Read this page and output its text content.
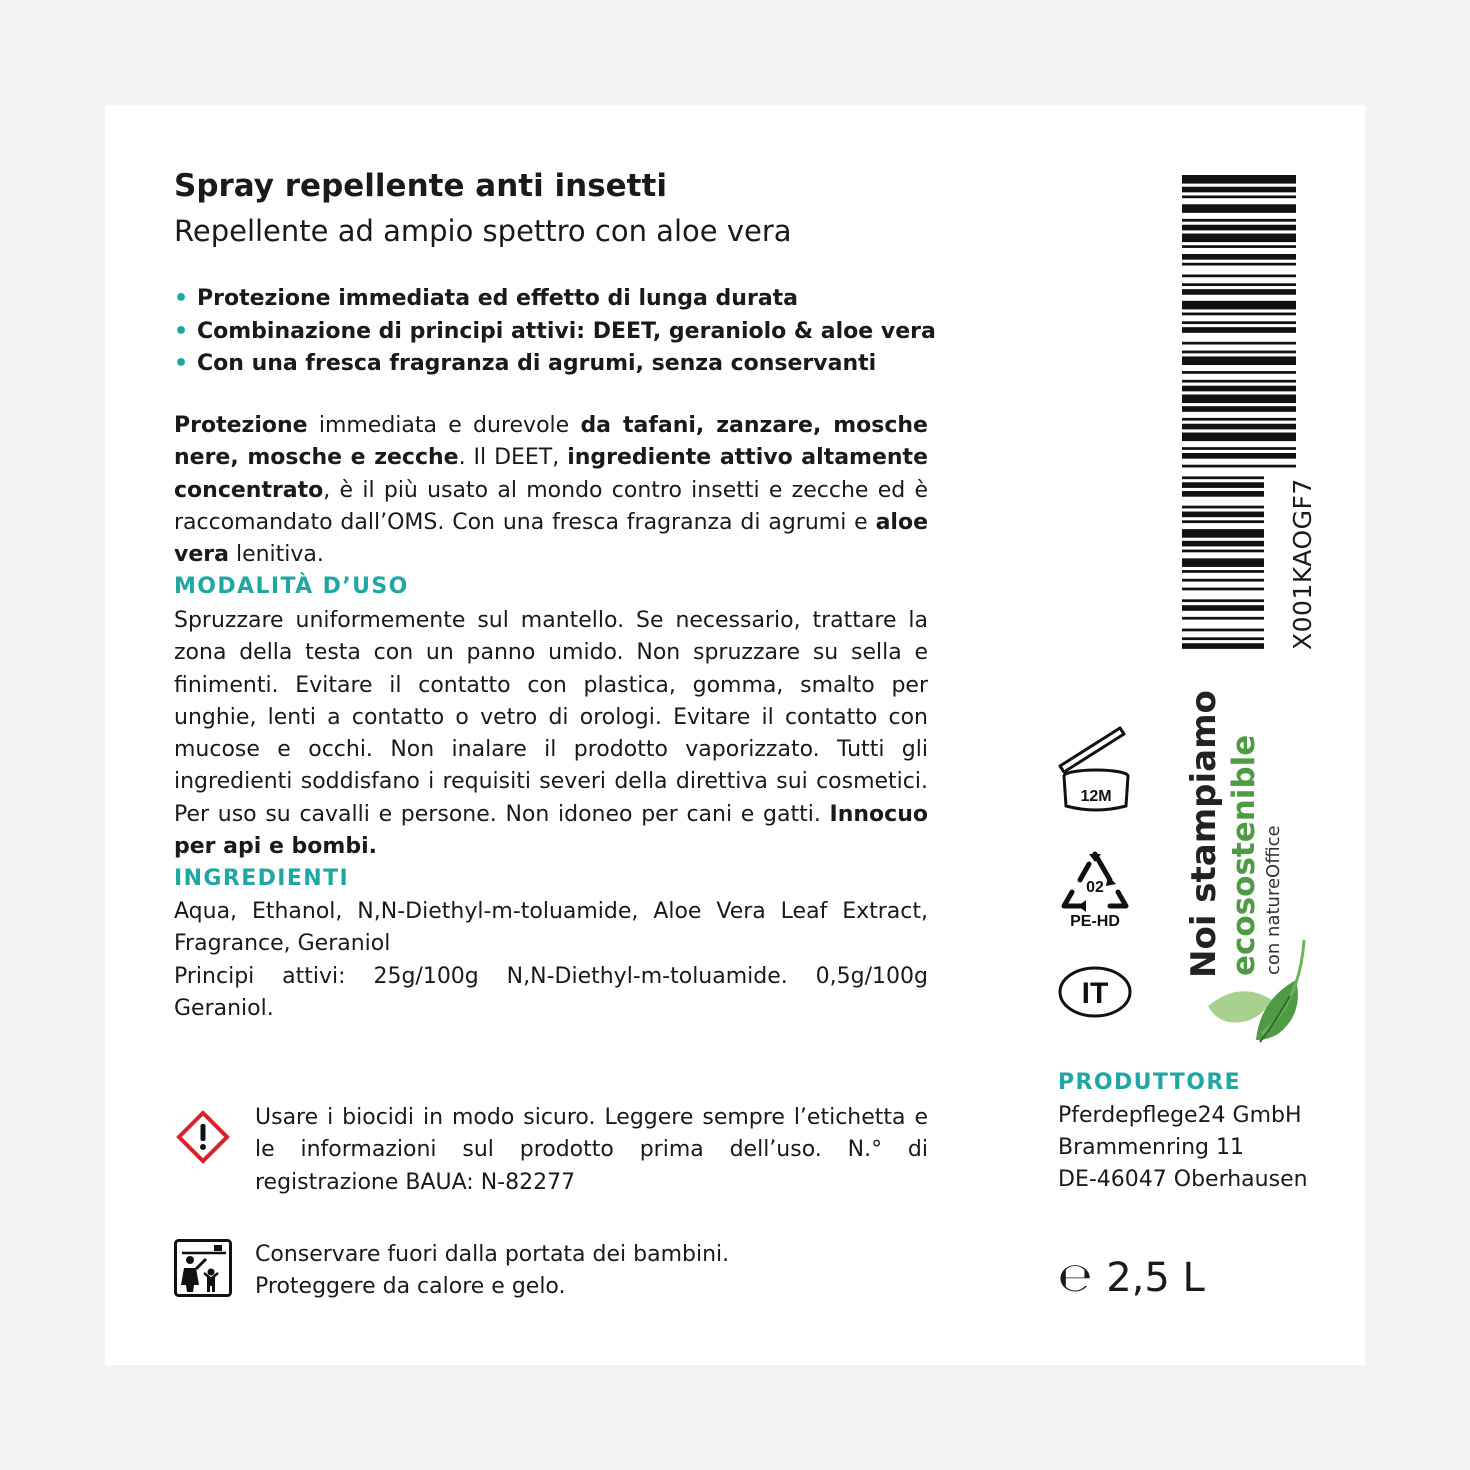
Spray repellente anti insetti

Repellente ad ampio spettro con aloe vera

• Protezione immediata ed effetto di lunga durata
• Combinazione di principi attivi: DEET, geraniolo & aloe vera
• Con una fresca fragranza di agrumi, senza conservanti

Protezione immediata e durevole da tafani, zanzare, mosche nere, mosche e zecche. Il DEET, ingrediente attivo altamente concentrato, è il più usato al mondo contro insetti e zecche ed è raccomandato dall’OMS. Con una fresca fragranza di agrumi e aloe vera lenitiva.

MODALITÀ D’USO

Spruzzare uniformemente sul mantello. Se necessario, trattare la zona della testa con un panno umido. Non spruzzare su sella e finimenti. Evitare il contatto con plastica, gomma, smalto per unghie, lenti a contatto o vetro di orologi. Evitare il contatto con mucose e occhi. Non inalare il prodotto vaporizzato. Tutti gli ingredienti soddisfano i requisiti severi della direttiva sui cosmetici. Per uso su cavalli e persone. Non idoneo per cani e gatti. Innocuo per api e bombi.

INGREDIENTI

Aqua, Ethanol, N,N-Diethyl-m-toluamide, Aloe Vera Leaf Extract, Fragrance, Geraniol

Principi attivi: 25g/100g N,N-Diethyl-m-toluamide. 0,5g/100g Geraniol.

Usare i biocidi in modo sicuro. Leggere sempre l’etichetta e le informazioni sul prodotto prima dell’uso. N.° di registrazione BAUA: N-82277

Conservare fuori dalla portata dei bambini.

Proteggere da calore e gelo.

X001KAOGF7
12M
02
PE-HD
IT
Noi stampiamo ecosostenible con natureOffice
PRODUTTORE

Pferdepflege24 GmbH

Brammenring 11

DE-46047 Oberhausen

℮ 2,5 L
